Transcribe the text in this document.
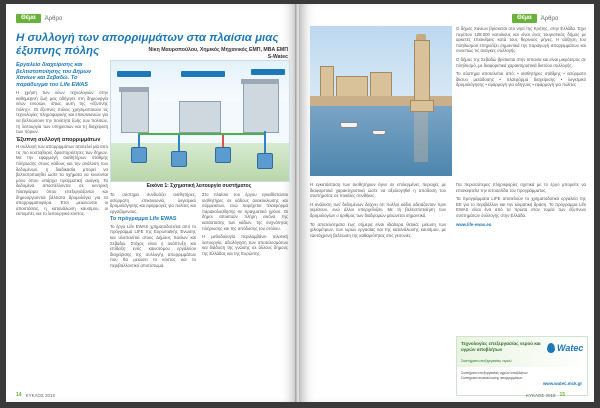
Θέμα	Άρθρο
Η συλλογή των απορριμμάτων στα πλαίσια μιας έξυπνης πόλης	Νίκη Μαυροπούλου, Χημικός Μηχανικός ΕΜΠ, MBA ΕΜΠ
S-Watec
Εργαλείο διαχείρισης και βελτιστοποίησης του Δήμων Χανίων και Σεβαδώ. Το παράδειγμα του Life EWAS
Η χρήση των νέων τεχνολογιών στην καθημερινή ζωή μας οδήγησε στη δημιουργία νέων εννοιών, όπως αυτή της «έξυπνης πόλης». Οι έξυπνες πόλεις χρησιμοποιούν τις τεχνολογίες πληροφορικής και επικοινωνιών για να βελτιώσουν την ποιότητα ζωής των πολιτών, τη λειτουργία των υπηρεσιών και τη διαχείριση των πόρων.
Έξυπνη συλλογή απορριμμάτων
Η συλλογή των απορριμμάτων αποτελεί μία από τις πιο κοστοβόρες δραστηριότητες των δήμων. Με την εφαρμογή αισθητήρων στάθμης πλήρωσης στους κάδους και την ανάλυση των δεδομένων, η διαδικασία μπορεί να βελτιστοποιηθεί ώστε τα οχήματα να κινούνται μόνο όπου υπάρχει πραγματική ανάγκη. Τα δεδομένα αποστέλλονται σε κεντρική πλατφόρμα όπου επεξεργάζονται και δημιουργούνται βέλτιστα δρομολόγια για τα απορριμματοφόρα. Έτσι μειώνονται οι αποστάσεις, η κατανάλωση καυσίμου, οι εκπομπές και το λειτουργικό κόστος.

Εικόνα 1: Σχηματική λειτουργία συστήματος
Το σύστημα συνδυάζει αισθητήρες, ασύρματη επικοινωνία, λογισμικό δρομολόγησης και εφαρμογές για πολίτες και εργαζόμενους.
Το πρόγραμμα Life EWAS
Το έργο Life EWAS χρηματοδοτείται από το πρόγραμμα LIFE της Ευρωπαϊκής Ένωσης και υλοποιείται στους Δήμους Χανίων και Σεβαδώ. Στόχος είναι η ανάπτυξη και επίδειξη ενός καινοτόμου εργαλείου διαχείρισης της συλλογής απορριμμάτων που θα μειώσει το κόστος και το περιβαλλοντικό αποτύπωμα.
Στο πλαίσιο του έργου εγκαθίστανται αισθητήρες σε κάδους ανακύκλωσης και σύμμεικτων, ενώ παρέχεται πλατφόρμα παρακολούθησης σε πραγματικό χρόνο. Οι δήμοι αποκτούν πλήρη εικόνα της κατάστασης των κάδων, της συχνότητας πλήρωσης και της απόδοσης του στόλου.
Η μεθοδολογία περιλαμβάνει πιλοτική λειτουργία, αξιολόγηση των αποτελεσμάτων και διάδοση της γνώσης σε άλλους δήμους της Ελλάδας και της Ευρώπης.
14 ΚΥΚΛΟΣ 2018
Θέμα	Άρθρο
Ο δήμος Χανίων βρίσκεται στο νησί της Κρήτης, στην Ελλάδα. Έχει περίπου 108.000 κατοίκους και είναι ένας τουριστικός δήμος με αρκετές επισκέψεις κατά τους θερινούς μήνες. Η αύξηση του πληθυσμού επηρεάζει σημαντικά την παραγωγή απορριμμάτων και συνεπώς τις ανάγκες συλλογής.
Ο δήμος της Σεβαδώ βρίσκεται στην Ισπανία και είναι μικρότερος σε πληθυσμό, με διαφορετικά χαρακτηριστικά δικτύου συλλογής.
Το σύστημα αποτελείται από: • αισθητήρες στάθμης • ασύρματο δίκτυο μετάδοσης • πλατφόρμα διαχείρισης • λογισμικό δρομολόγησης • εφαρμογή για οδηγούς • εφαρμογή για πολίτες
Η εγκατάσταση των αισθητήρων έγινε σε επιλεγμένες περιοχές με διαφορετικά χαρακτηριστικά ώστε να αξιολογηθεί η απόδοση του συστήματος σε ποικίλες συνθήκες.
Η ανάλυση των δεδομένων δείχνει ότι πολλοί κάδοι αδειάζονταν πριν γεμίσουν, ενώ άλλοι υπερχείλιζαν. Με τη βελτιστοποίηση των δρομολογίων ο αριθμός των διαδρομών μειώνεται σημαντικά.
Τα αποτελέσματα έως σήμερα είναι ιδιαίτερα θετικά: μείωση των χιλιομέτρων, των ωρών εργασίας και της κατανάλωσης καυσίμου, με ταυτόχρονη βελτίωση της καθαριότητας στις γειτονιές.
Για περισσότερες πληροφορίες σχετικά με το έργο μπορείτε να επισκεφτείτε την ιστοσελίδα του προγράμματος.
Τα προγράμματα LIFE αποτελούν το χρηματοδοτικό εργαλείο της ΕΕ για το περιβάλλον και την κλιματική δράση. Το πρόγραμμα Life EWAS είναι ένα από τα πρώτα στον τομέα των έξυπνων συστημάτων συλλογής στην Ελλάδα.
www.life-ewas.eu
Τεχνολογίες επεξεργασίας νερού και υγρών αποβλήτων
Συστήματα επεξεργασίας νερού
Watec
Συστήματα επεξεργασίας υγρών αποβλήτων
Συστήματα ανακύκλωσης απορριμμάτων
www.watec.mck.gr
ΚΥΚΛΟΣ 2018 15
